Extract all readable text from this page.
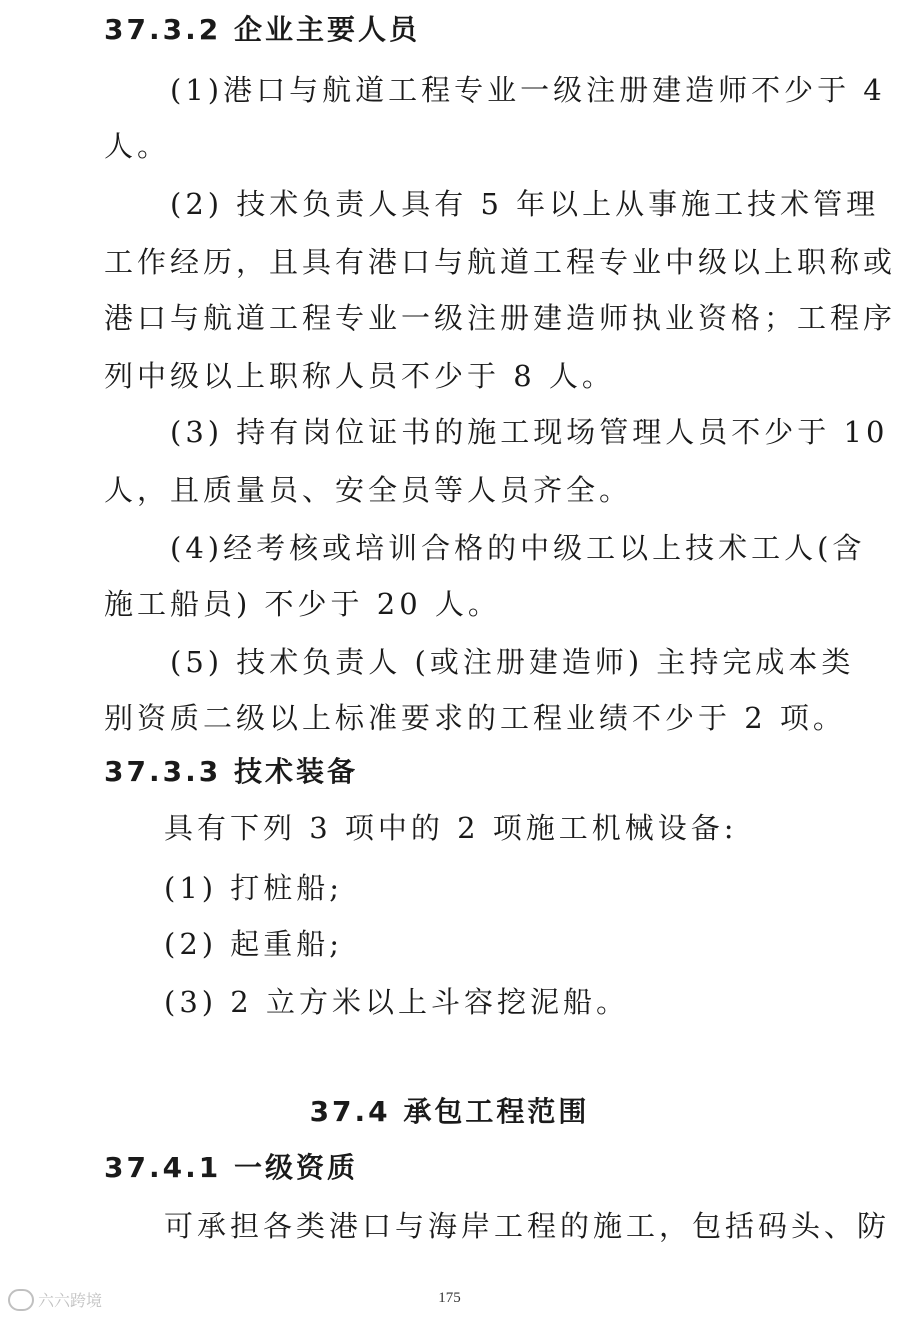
37.3.2 企业主要人员
(1)港口与航道工程专业一级注册建造师不少于 4
人。
(2) 技术负责人具有 5 年以上从事施工技术管理
工作经历，且具有港口与航道工程专业中级以上职称或
港口与航道工程专业一级注册建造师执业资格；工程序
列中级以上职称人员不少于 8 人。
(3) 持有岗位证书的施工现场管理人员不少于 10
人，且质量员、安全员等人员齐全。
(4)经考核或培训合格的中级工以上技术工人(含
施工船员) 不少于 20 人。
(5) 技术负责人 (或注册建造师) 主持完成本类
别资质二级以上标准要求的工程业绩不少于 2 项。
37.3.3 技术装备
具有下列 3 项中的 2 项施工机械设备:
(1) 打桩船;
(2) 起重船;
(3) 2 立方米以上斗容挖泥船。
37.4 承包工程范围
37.4.1 一级资质
可承担各类港口与海岸工程的施工，包括码头、防
六六跨境	175
